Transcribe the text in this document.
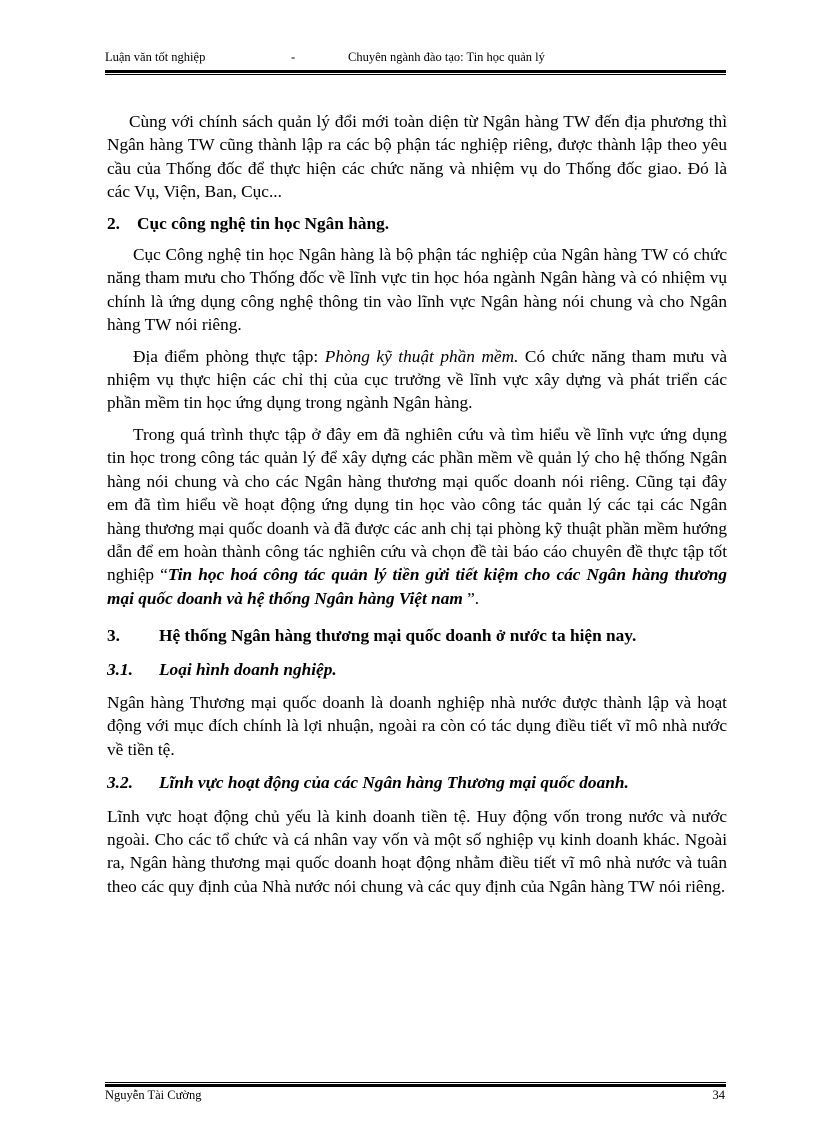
Luận văn tốt nghiệp	-	Chuyên ngành đào tạo: Tin học quản lý

Cùng với chính sách quản lý đổi mới toàn diện từ Ngân hàng TW đến địa phương thì Ngân hàng TW cũng thành lập ra các bộ phận tác nghiệp riêng, được thành lập theo yêu cầu của Thống đốc để thực hiện các chức năng và nhiệm vụ do Thống đốc giao. Đó là các Vụ, Viện, Ban, Cục...

2. Cục công nghệ tin học Ngân hàng.

Cục Công nghệ tin học Ngân hàng là bộ phận tác nghiệp của Ngân hàng TW có chức năng tham mưu cho Thống đốc về lĩnh vực tin học hóa ngành Ngân hàng và có nhiệm vụ chính là ứng dụng công nghệ thông tin vào lĩnh vực Ngân hàng nói chung và cho Ngân hàng TW nói riêng.

Địa điểm phòng thực tập: Phòng kỹ thuật phần mềm. Có chức năng tham mưu và nhiệm vụ thực hiện các chỉ thị của cục trưởng về lĩnh vực xây dựng và phát triển các phần mềm tin học ứng dụng trong ngành Ngân hàng.

Trong quá trình thực tập ở đây em đã nghiên cứu và tìm hiểu về lĩnh vực ứng dụng tin học trong công tác quản lý để xây dựng các phần mềm về quản lý cho hệ thống Ngân hàng nói chung và cho các Ngân hàng thương mại quốc doanh nói riêng. Cũng tại đây em đã tìm hiểu về hoạt động ứng dụng tin học vào công tác quản lý các tại các Ngân hàng thương mại quốc doanh và đã được các anh chị tại phòng kỹ thuật phần mềm hướng dẫn để em hoàn thành công tác nghiên cứu và chọn đề tài báo cáo chuyên đề thực tập tốt nghiệp “Tin học hoá công tác quản lý tiền gửi tiết kiệm cho các Ngân hàng thương mại quốc doanh và hệ thống Ngân hàng Việt nam ”.

3. Hệ thống Ngân hàng thương mại quốc doanh ở nước ta hiện nay.
3.1. Loại hình doanh nghiệp.

Ngân hàng Thương mại quốc doanh là doanh nghiệp nhà nước được thành lập và hoạt động với mục đích chính là lợi nhuận, ngoài ra còn có tác dụng điều tiết vĩ mô nhà nước về tiền tệ.

3.2. Lĩnh vực hoạt động của các Ngân hàng Thương mại quốc doanh.

Lĩnh vực hoạt động chủ yếu là kinh doanh tiền tệ. Huy động vốn trong nước và nước ngoài. Cho các tổ chức và cá nhân vay vốn và một số nghiệp vụ kinh doanh khác. Ngoài ra, Ngân hàng thương mại quốc doanh hoạt động nhằm điều tiết vĩ mô nhà nước và tuân theo các quy định của Nhà nước nói chung và các quy định của Ngân hàng TW nói riêng.

Nguyễn Tài Cường	34
